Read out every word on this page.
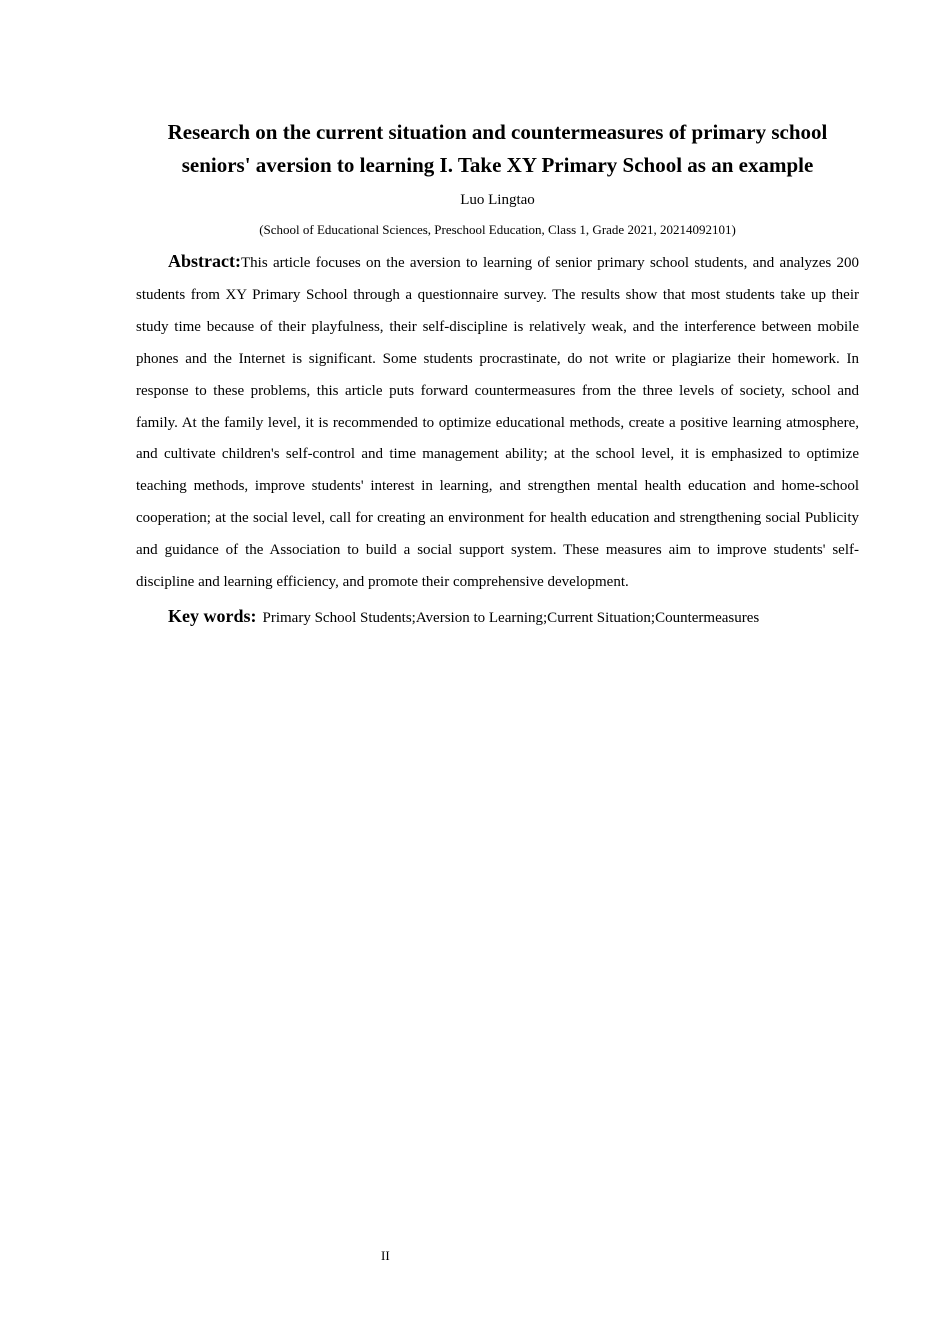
Research on the current situation and countermeasures of primary school seniors' aversion to learning I. Take XY Primary School as an example

Luo Lingtao

(School of Educational Sciences, Preschool Education, Class 1, Grade 2021, 20214092101)

Abstract:This article focuses on the aversion to learning of senior primary school students, and analyzes 200 students from XY Primary School through a questionnaire survey. The results show that most students take up their study time because of their playfulness, their self-discipline is relatively weak, and the interference between mobile phones and the Internet is significant. Some students procrastinate, do not write or plagiarize their homework. In response to these problems, this article puts forward countermeasures from the three levels of society, school and family. At the family level, it is recommended to optimize educational methods, create a positive learning atmosphere, and cultivate children's self-control and time management ability; at the school level, it is emphasized to optimize teaching methods, improve students' interest in learning, and strengthen mental health education and home-school cooperation; at the social level, call for creating an environment for health education and strengthening social Publicity and guidance of the Association to build a social support system. These measures aim to improve students' self-discipline and learning efficiency, and promote their comprehensive development.

Key words: Primary School Students;Aversion to Learning;Current Situation;Countermeasures

II
